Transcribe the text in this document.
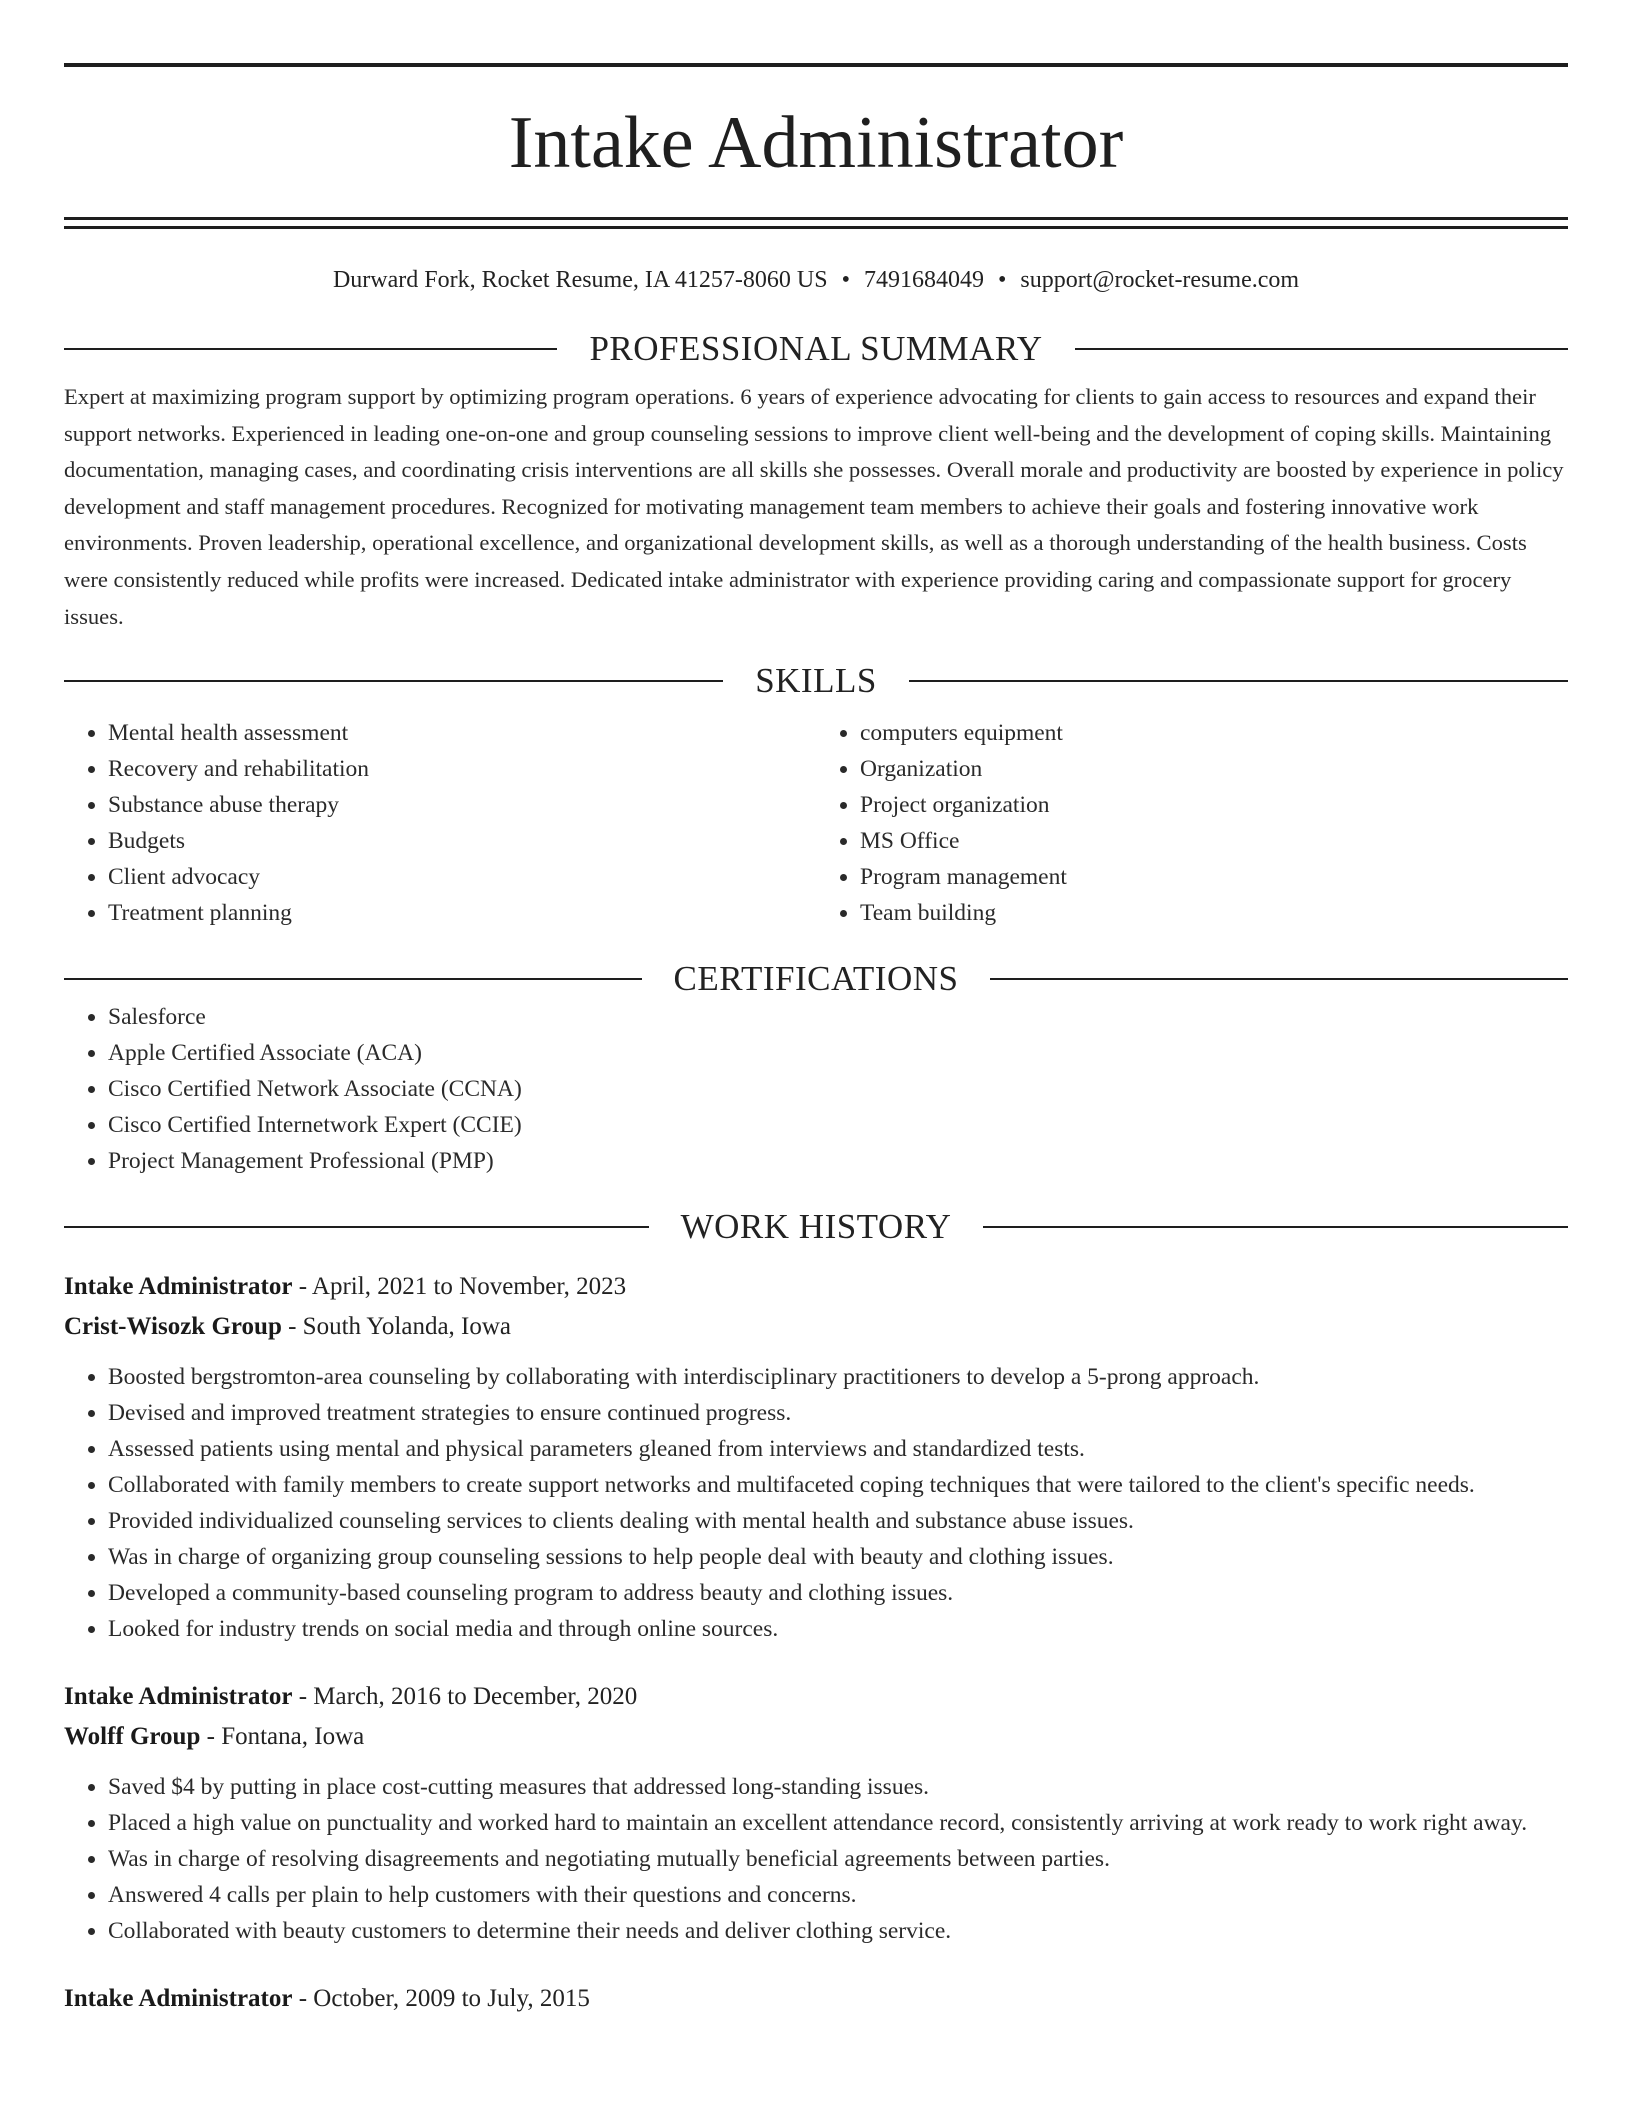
Intake Administrator
Durward Fork, Rocket Resume, IA 41257-8060 US • 7491684049 • support@rocket-resume.com
PROFESSIONAL SUMMARY
Expert at maximizing program support by optimizing program operations. 6 years of experience advocating for clients to gain access to resources and expand their support networks. Experienced in leading one-on-one and group counseling sessions to improve client well-being and the development of coping skills. Maintaining documentation, managing cases, and coordinating crisis interventions are all skills she possesses. Overall morale and productivity are boosted by experience in policy development and staff management procedures. Recognized for motivating management team members to achieve their goals and fostering innovative work environments. Proven leadership, operational excellence, and organizational development skills, as well as a thorough understanding of the health business. Costs were consistently reduced while profits were increased. Dedicated intake administrator with experience providing caring and compassionate support for grocery issues.
SKILLS
• Mental health assessment
• Recovery and rehabilitation
• Substance abuse therapy
• Budgets
• Client advocacy
• Treatment planning
• computers equipment
• Organization
• Project organization
• MS Office
• Program management
• Team building
CERTIFICATIONS
• Salesforce
• Apple Certified Associate (ACA)
• Cisco Certified Network Associate (CCNA)
• Cisco Certified Internetwork Expert (CCIE)
• Project Management Professional (PMP)
WORK HISTORY
Intake Administrator - April, 2021 to November, 2023
Crist-Wisozk Group - South Yolanda, Iowa
• Boosted bergstromton-area counseling by collaborating with interdisciplinary practitioners to develop a 5-prong approach.
• Devised and improved treatment strategies to ensure continued progress.
• Assessed patients using mental and physical parameters gleaned from interviews and standardized tests.
• Collaborated with family members to create support networks and multifaceted coping techniques that were tailored to the client's specific needs.
• Provided individualized counseling services to clients dealing with mental health and substance abuse issues.
• Was in charge of organizing group counseling sessions to help people deal with beauty and clothing issues.
• Developed a community-based counseling program to address beauty and clothing issues.
• Looked for industry trends on social media and through online sources.
Intake Administrator - March, 2016 to December, 2020
Wolff Group - Fontana, Iowa
• Saved $4 by putting in place cost-cutting measures that addressed long-standing issues.
• Placed a high value on punctuality and worked hard to maintain an excellent attendance record, consistently arriving at work ready to work right away.
• Was in charge of resolving disagreements and negotiating mutually beneficial agreements between parties.
• Answered 4 calls per plain to help customers with their questions and concerns.
• Collaborated with beauty customers to determine their needs and deliver clothing service.
Intake Administrator - October, 2009 to July, 2015
